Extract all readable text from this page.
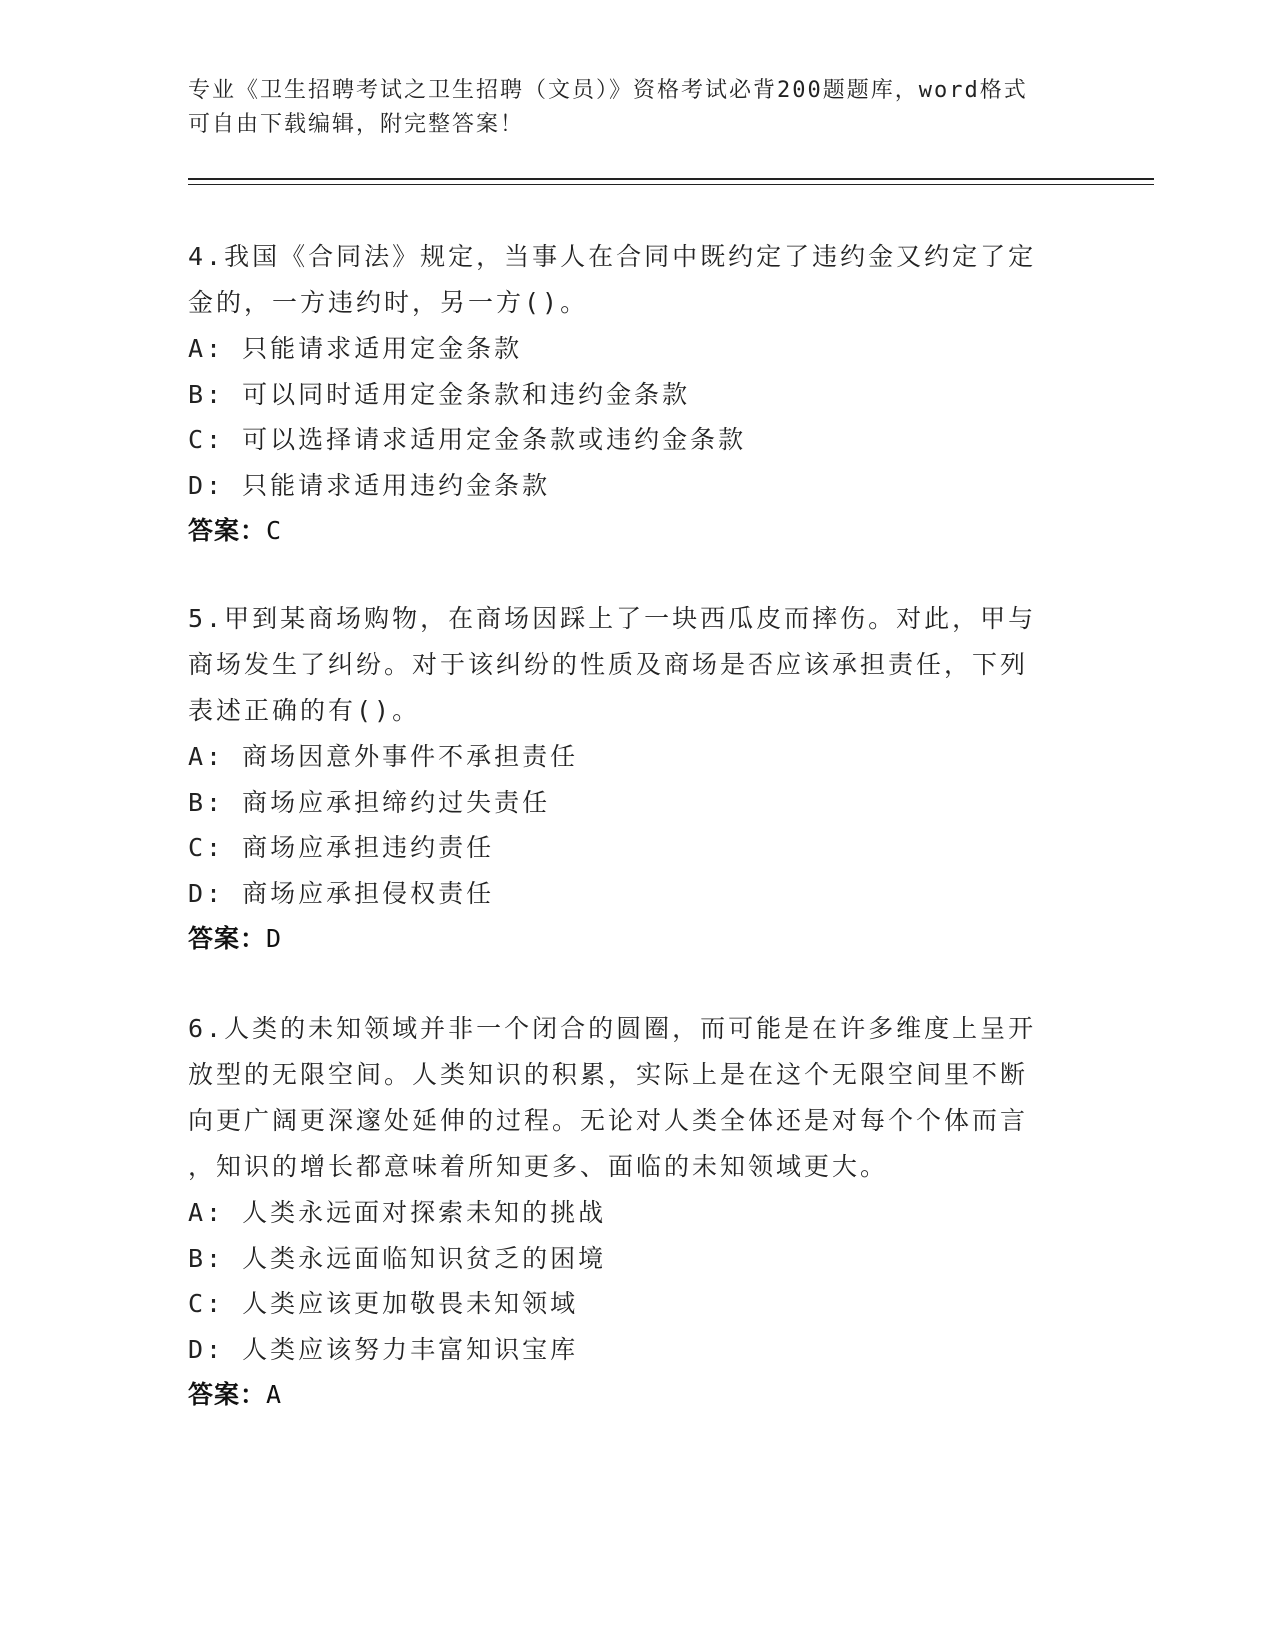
专业《卫生招聘考试之卫生招聘（文员）》资格考试必背200题题库，word格式
可自由下载编辑，附完整答案！
4.我国《合同法》规定，当事人在合同中既约定了违约金又约定了定
金的，一方违约时，另一方()。
A: 只能请求适用定金条款
B: 可以同时适用定金条款和违约金条款
C: 可以选择请求适用定金条款或违约金条款
D: 只能请求适用违约金条款
答案：C
5.甲到某商场购物，在商场因踩上了一块西瓜皮而摔伤。对此，甲与
商场发生了纠纷。对于该纠纷的性质及商场是否应该承担责任，下列
表述正确的有()。
A: 商场因意外事件不承担责任
B: 商场应承担缔约过失责任
C: 商场应承担违约责任
D: 商场应承担侵权责任
答案：D
6.人类的未知领域并非一个闭合的圆圈，而可能是在许多维度上呈开
放型的无限空间。人类知识的积累，实际上是在这个无限空间里不断
向更广阔更深邃处延伸的过程。无论对人类全体还是对每个个体而言
，知识的增长都意味着所知更多、面临的未知领域更大。
A: 人类永远面对探索未知的挑战
B: 人类永远面临知识贫乏的困境
C: 人类应该更加敬畏未知领域
D: 人类应该努力丰富知识宝库
答案：A
